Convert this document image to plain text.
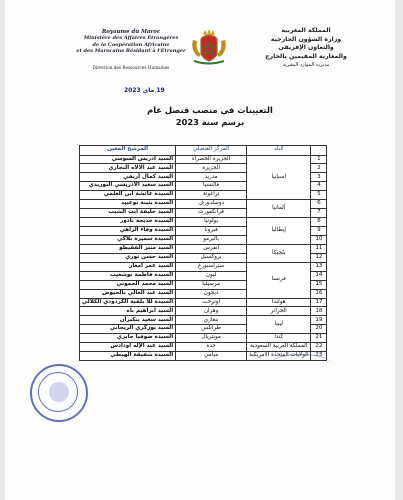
Royaume du Maroc
Ministère des Affaires Étrangères
de la Coopération Africaine
et des Marocains Résidant à l'Étranger
Direction des Ressources Humaines
المملكة المغربية
وزارة الشؤون الخارجية
والتعاون الإفريقي
والمغاربة المقيمين بالخارج
مديرية الموارد البشرية
19 ماي 2023
التعيينات في منصب قنصل عام
برسم سنة 2023
	البلد	المركز القنصلي	المرشح المعين
1	اسبانيا	الجزيرة الخضراء	السيد ادريس السوسي
2		الجزيرة	السيد عبد الالاه النجاري
3		مدريد	السيد كمال أريفي
4		فالنسيا	السيد سعيد الادريسي البوزيدي
5		تراغونة	السيدة عائشة ابن العلمي
6	ألمانيا	دوسلدورف	السيدة بثينة بوعبيد
7		فرانكفورت	السيد خليفة آيت الشيب
8	إيطاليا	بولونيا	السيدة خديجة نادور
9		فيرونا	السيدة وفاء الزاهي
10		باليرمو	السيدة سميرة بلاكي
11	بلجيكا	أنفرس	السيد منير الفقيطو
12		بروكسيل	السيد حسن توري
13	فرنسا	ستراسبورغ	السيد عمر أمغار
14		ليون	السيدة فاطمة بوشعيب
15		مرسيليا	السيد محمد الحموتي
16		ديجون	السيد عبد العالي بالحيوض
17	هولندا	أوترخت	السيدة للا بلقبة الكردودي الكلالي
18	الجزائر	وهران	السيد ابراهيم باه
19	ليبيا	بنغازي	السيد سعيد بنكيران
20		طرابلس	السيد بوزكري الريحاني
21	كندا	مونتريال	السيدة صوفيا جابري
22	المملكة العربية السعودية	جدة	السيد عبد الإله أودادس
23	الولايات المتحدة الأمريكية	ميامي	السيدة شفيقة الهبطي
